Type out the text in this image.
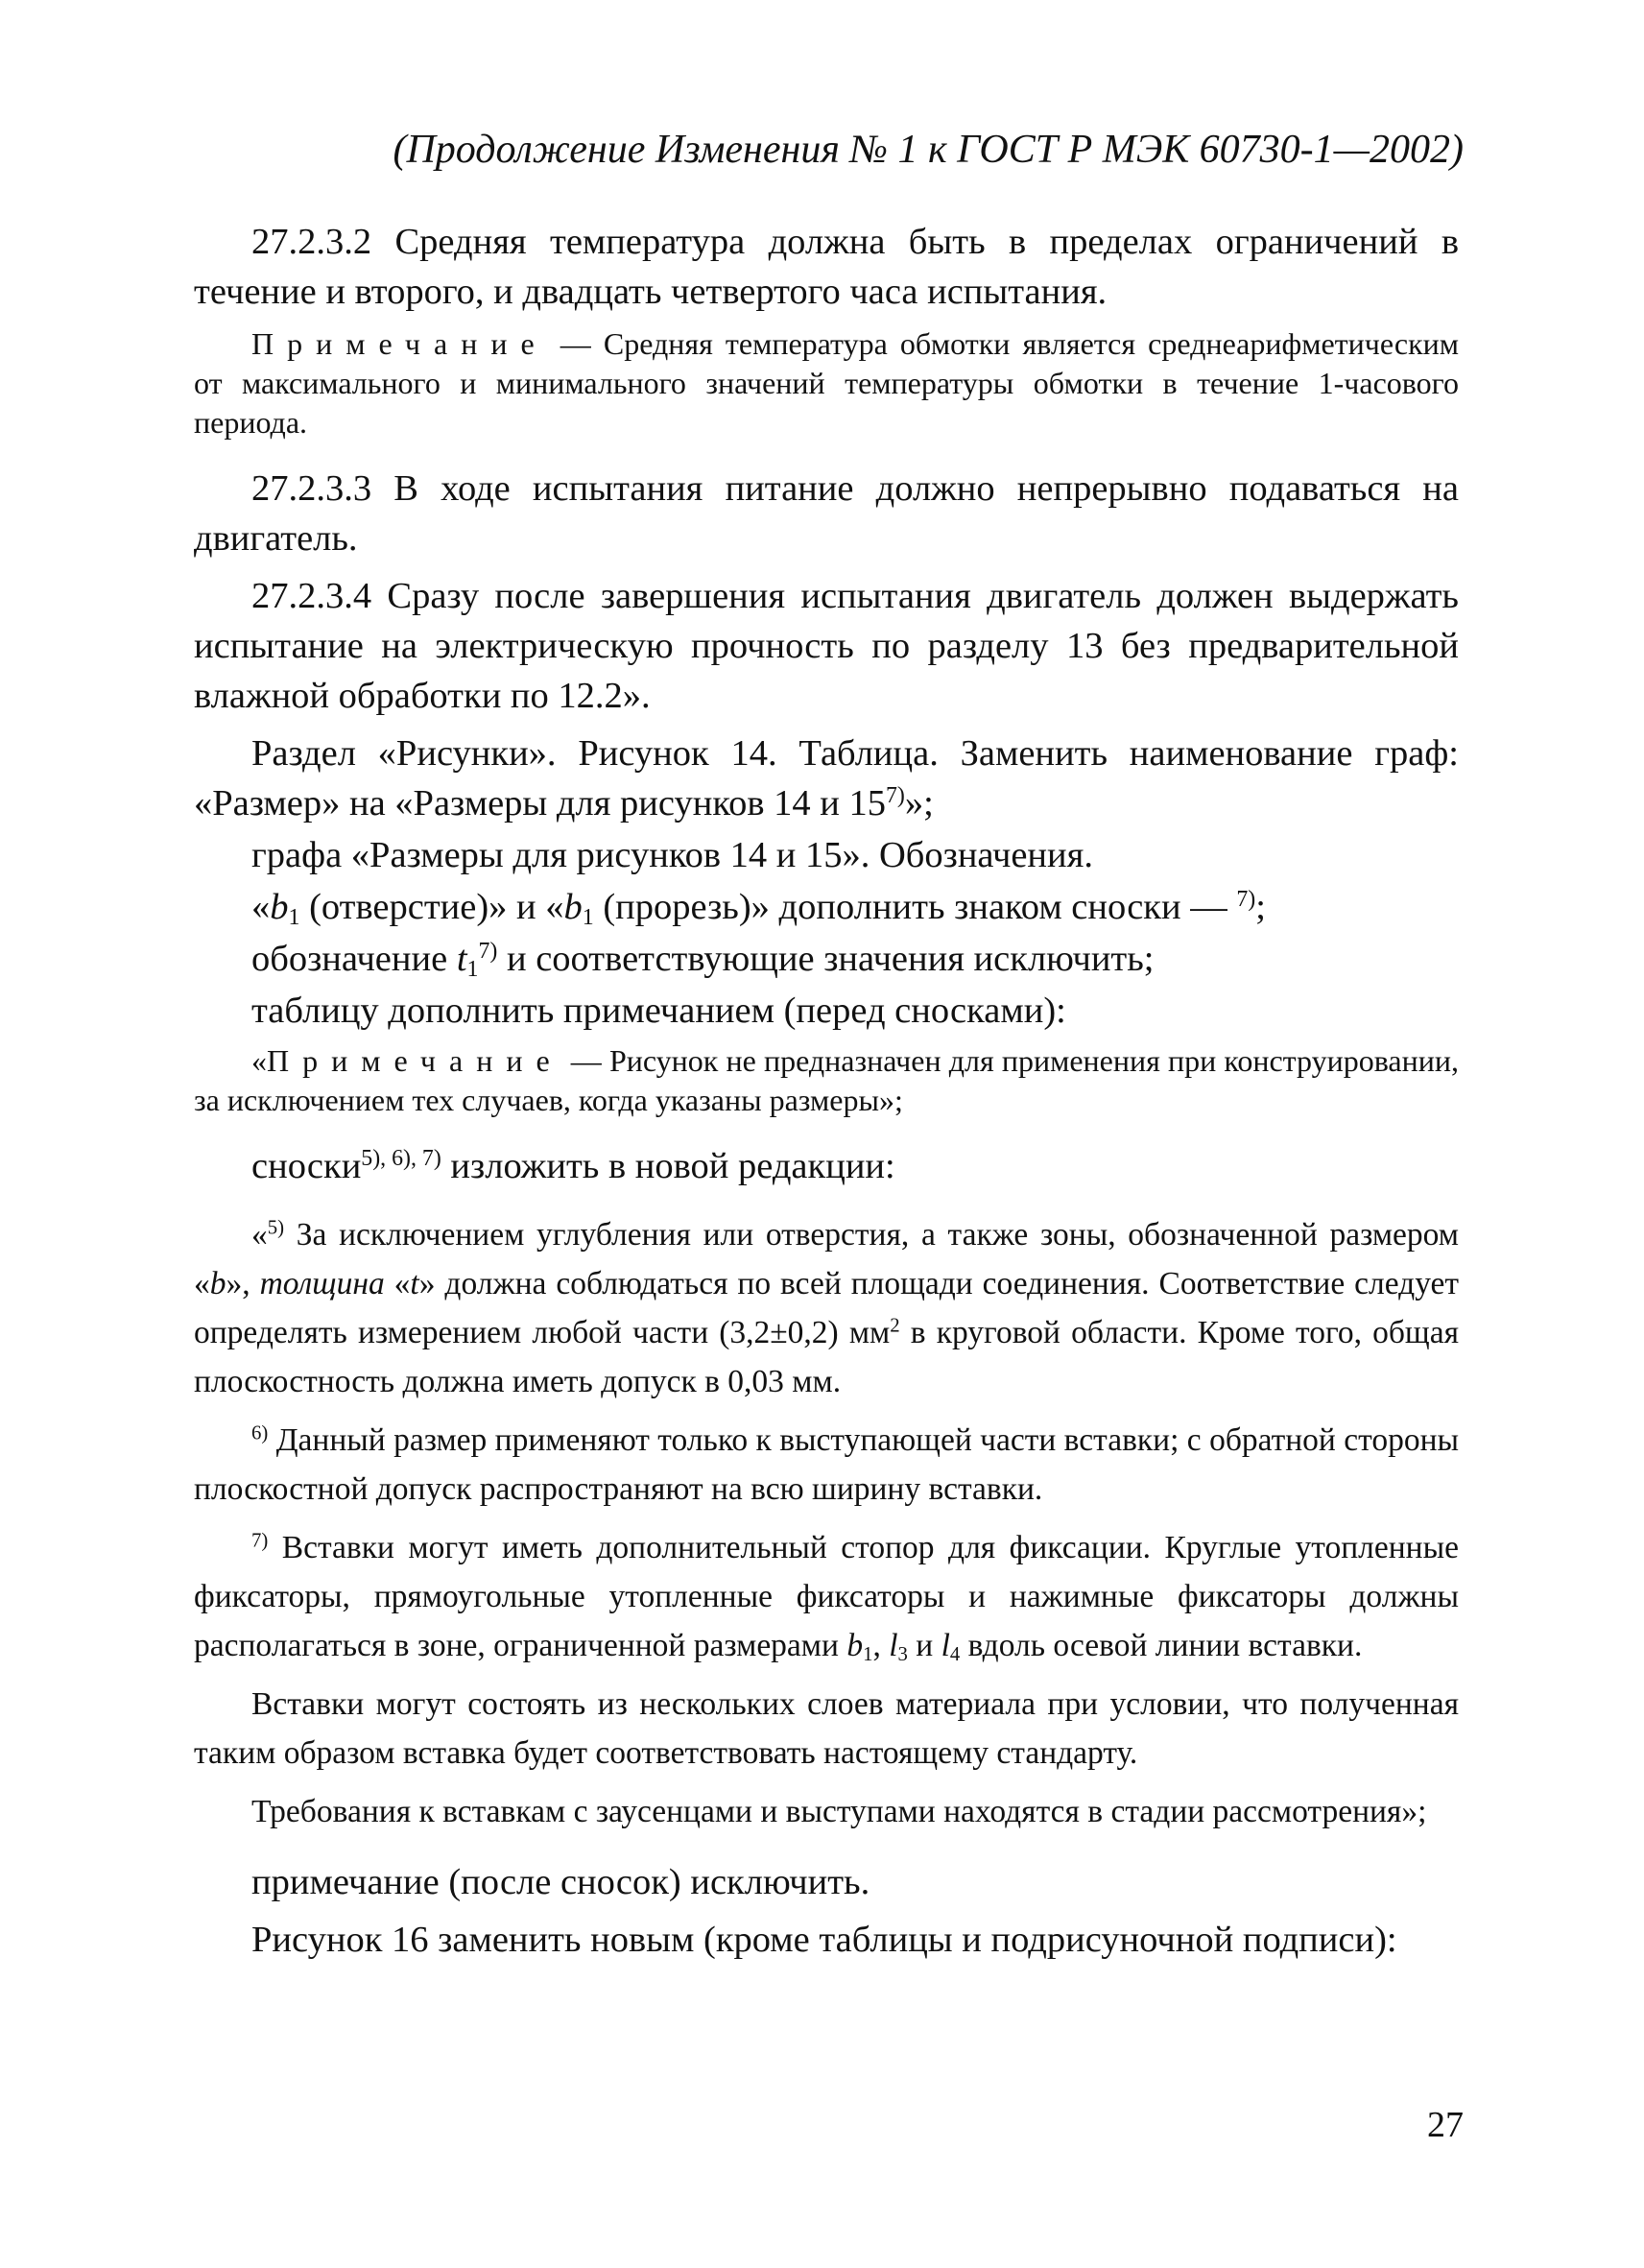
(Продолжение Изменения № 1 к ГОСТ Р МЭК 60730-1—2002)

27.2.3.2 Средняя температура должна быть в пределах ограничений в течение и второго, и двадцать четвертого часа испытания.

Примечание — Средняя температура обмотки является среднеарифметическим от максимального и минимального значений температуры обмотки в течение 1-часового периода.

27.2.3.3 В ходе испытания питание должно непрерывно подаваться на двигатель.

27.2.3.4 Сразу после завершения испытания двигатель должен выдержать испытание на электрическую прочность по разделу 13 без предварительной влажной обработки по 12.2».

Раздел «Рисунки». Рисунок 14. Таблица. Заменить наименование граф: «Размер» на «Размеры для рисунков 14 и 15$^{7)}$»;

графа «Размеры для рисунков 14 и 15». Обозначения.

«$b_1$ (отверстие)» и «$b_1$ (прорезь)» дополнить знаком сноски — $^{7)}$;

обозначение $t_1^{7)}$ и соответствующие значения исключить;

таблицу дополнить примечанием (перед сносками):

«Примечание — Рисунок не предназначен для применения при конструировании, за исключением тех случаев, когда указаны размеры»;

сноски$^{5), 6), 7)}$ изложить в новой редакции:

«$^{5)}$ За исключением углубления или отверстия, а также зоны, обозначенной размером «b», толщина «t» должна соблюдаться по всей площади соединения. Соответствие следует определять измерением любой части (3,2±0,2) $мм^2$ в круговой области. Кроме того, общая плоскостность должна иметь допуск в 0,03 мм.

$^{6)}$ Данный размер применяют только к выступающей части вставки; с обратной стороны плоскостной допуск распространяют на всю ширину вставки.

$^{7)}$ Вставки могут иметь дополнительный стопор для фиксации. Круглые утопленные фиксаторы, прямоугольные утопленные фиксаторы и нажимные фиксаторы должны располагаться в зоне, ограниченной размерами $b_1$, $l_3$ и $l_4$ вдоль осевой линии вставки.

Вставки могут состоять из нескольких слоев материала при условии, что полученная таким образом вставка будет соответствовать настоящему стандарту.

Требования к вставкам с заусенцами и выступами находятся в стадии рассмотрения»;

примечание (после сносок) исключить.

Рисунок 16 заменить новым (кроме таблицы и подрисуночной подписи):

27
